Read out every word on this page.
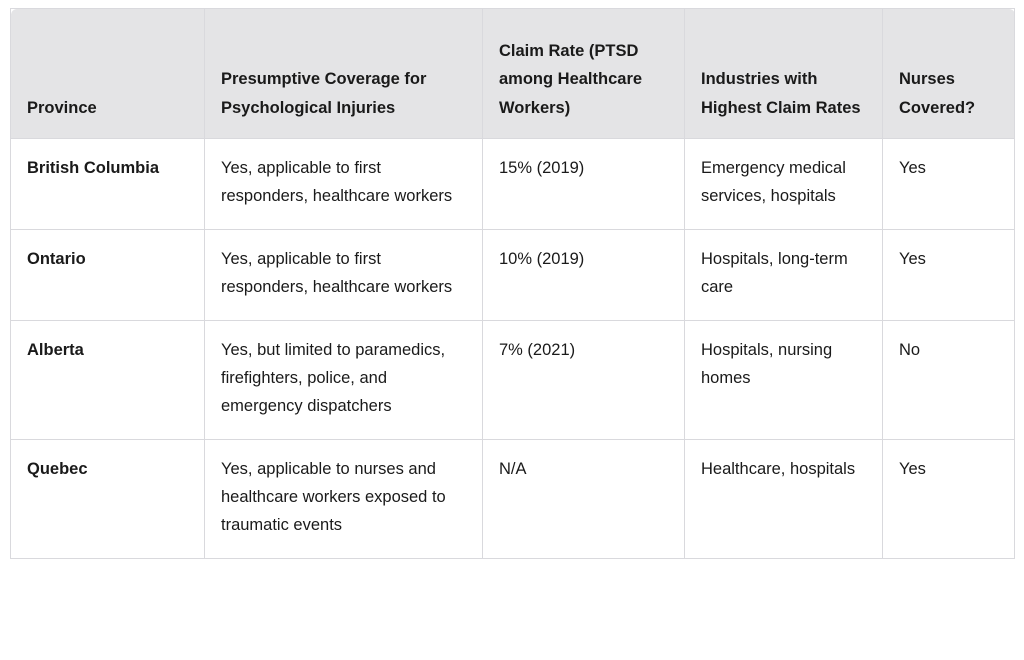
Province	Presumptive Coverage for Psychological Injuries	Claim Rate (PTSD among Healthcare Workers)	Industries with Highest Claim Rates	Nurses Covered?
British Columbia	Yes, applicable to first responders, healthcare workers	15% (2019)	Emergency medical services, hospitals	Yes
Ontario	Yes, applicable to first responders, healthcare workers	10% (2019)	Hospitals, long-term care	Yes
Alberta	Yes, but limited to paramedics, firefighters, police, and emergency dispatchers	7% (2021)	Hospitals, nursing homes	No
Quebec	Yes, applicable to nurses and healthcare workers exposed to traumatic events	N/A	Healthcare, hospitals	Yes
